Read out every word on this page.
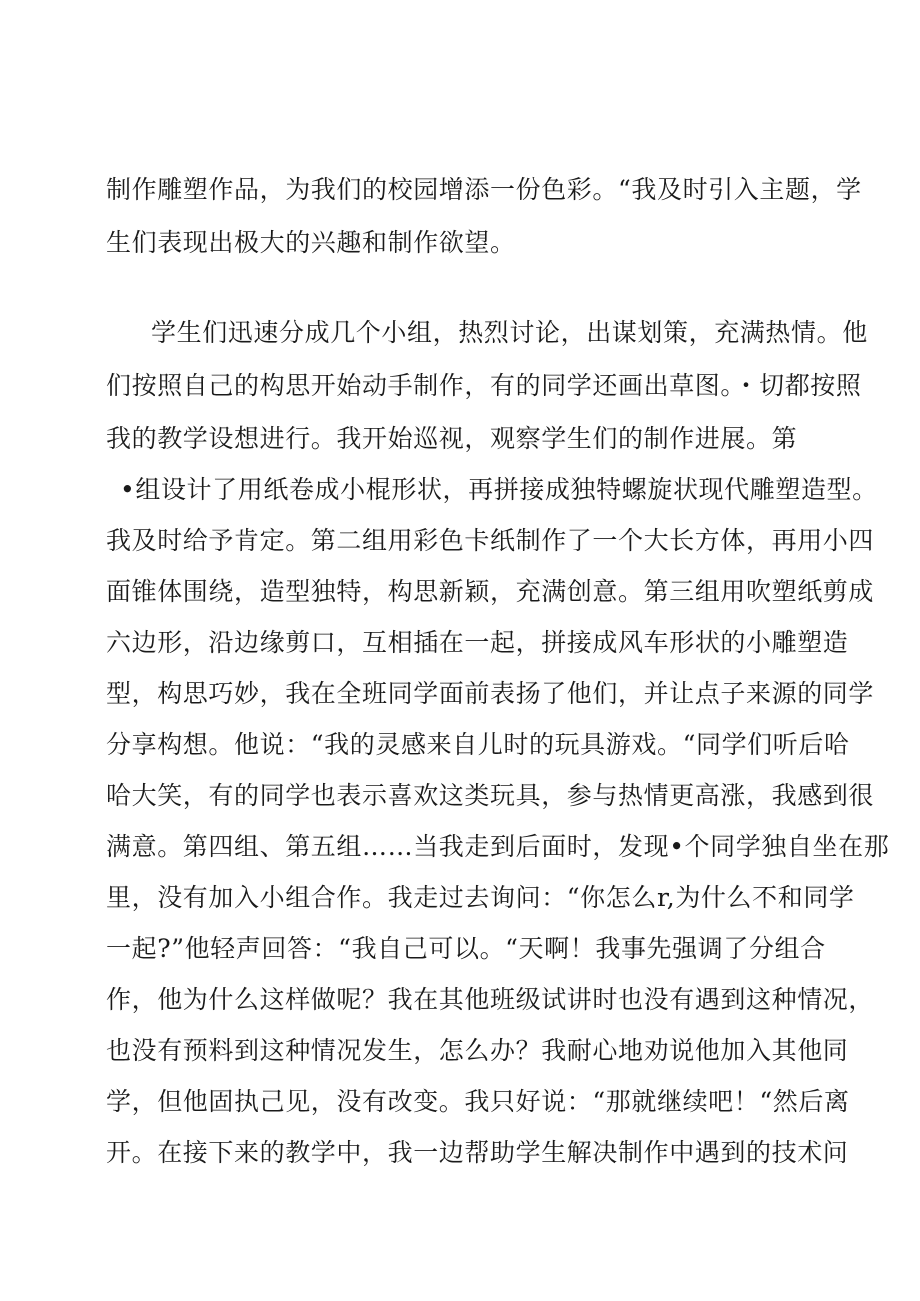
制作雕塑作品，为我们的校园增添一份色彩。“我及时引入主题，学
生们表现出极大的兴趣和制作欲望。
学生们迅速分成几个小组，热烈讨论，出谋划策，充满热情。他
们按照自己的构思开始动手制作，有的同学还画出草图。・切都按照
我的教学设想进行。我开始巡视，观察学生们的制作进展。第
•组设计了用纸卷成小棍形状，再拼接成独特螺旋状现代雕塑造型。
我及时给予肯定。第二组用彩色卡纸制作了一个大长方体，再用小四
面锥体围绕，造型独特，构思新颖，充满创意。第三组用吹塑纸剪成
六边形，沿边缘剪口，互相插在一起，拼接成风车形状的小雕塑造
型，构思巧妙，我在全班同学面前表扬了他们，并让点子来源的同学
分享构想。他说：“我的灵感来自儿时的玩具游戏。“同学们听后哈
哈大笑，有的同学也表示喜欢这类玩具，参与热情更高涨，我感到很
满意。第四组、第五组……当我走到后面时，发现•个同学独自坐在那
里，没有加入小组合作。我走过去询问：“你怎么r,为什么不和同学
一起?”他轻声回答：“我自己可以。“天啊！我事先强调了分组合
作，他为什么这样做呢？我在其他班级试讲时也没有遇到这种情况，
也没有预料到这种情况发生，怎么办？我耐心地劝说他加入其他同
学，但他固执己见，没有改变。我只好说：“那就继续吧！“然后离
开。在接下来的教学中，我一边帮助学生解决制作中遇到的技术问
